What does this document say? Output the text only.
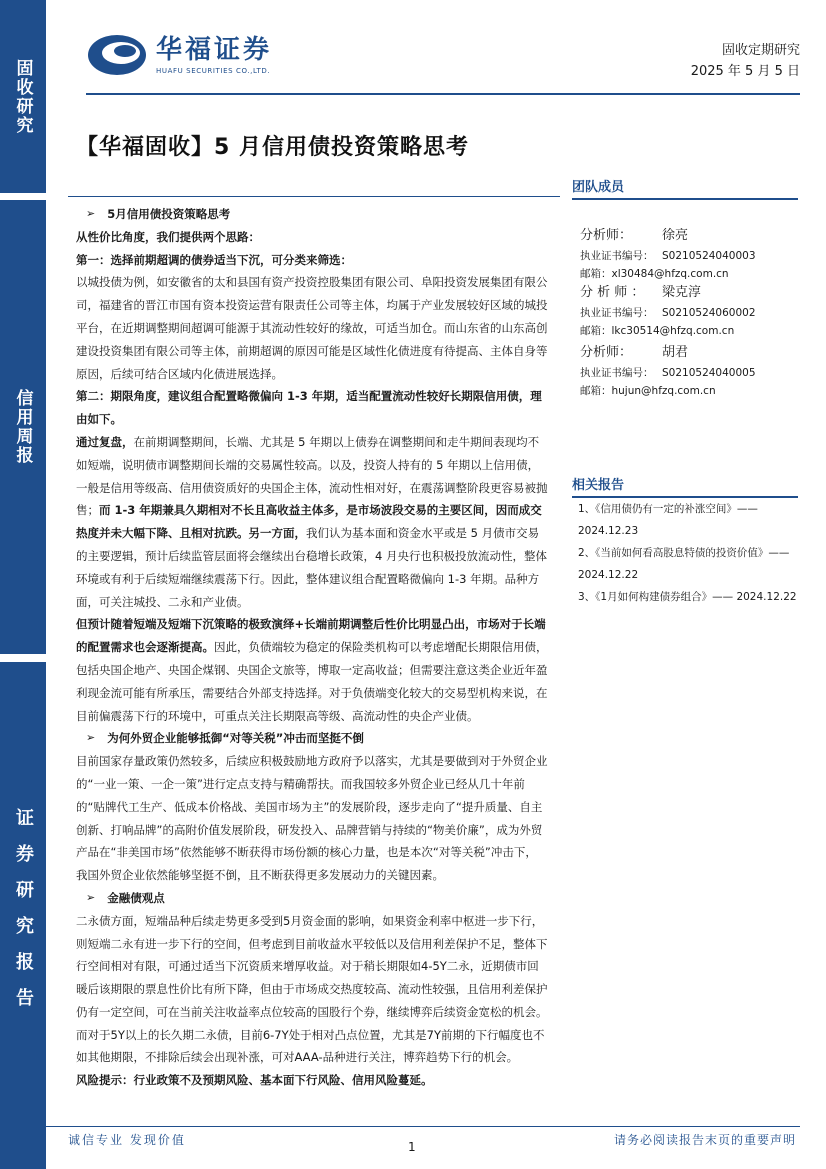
固收研究
信用周报
证券研究报告
华福证券
HUAFU SECURITIES CO.,LTD.
固收定期研究
2025 年 5 月 5 日
【华福固收】5 月信用债投资策略思考
➢ 5月信用债投资策略思考

从性价比角度，我们提供两个思路：

第一：选择前期超调的债券适当下沉，可分类来筛选：

以城投债为例，如安徽省的太和县国有资产投资控股集团有限公司、阜阳投资发展集团有限公司，福建省的晋江市国有资本投资运营有限责任公司等主体，均属于产业发展较好区域的城投平台，在近期调整期间超调可能源于其流动性较好的缘故，可适当加仓。而山东省的山东高创建设投资集团有限公司等主体，前期超调的原因可能是区域性化债进度有待提高、主体自身等原因，后续可结合区域内化债进展选择。

第二：期限角度，建议组合配置略微偏向 1-3 年期，适当配置流动性较好长期限信用债，理由如下。

通过复盘，在前期调整期间，长端、尤其是 5 年期以上债券在调整期间和走牛期间表现均不如短端，说明债市调整期间长端的交易属性较高。以及，投资人持有的 5 年期以上信用债，一般是信用等级高、信用债资质好的央国企主体，流动性相对好，在震荡调整阶段更容易被抛售；而 1-3 年期兼具久期相对不长且高收益主体多，是市场波段交易的主要区间，因而成交热度并未大幅下降、且相对抗跌。另一方面，我们认为基本面和资金水平或是 5 月债市交易的主要逻辑，预计后续监管层面将会继续出台稳增长政策，4 月央行也积极投放流动性，整体环境或有利于后续短端继续震荡下行。因此，整体建议组合配置略微偏向 1-3 年期。品种方面，可关注城投、二永和产业债。

但预计随着短端及短端下沉策略的极致演绎+长端前期调整后性价比明显凸出，市场对于长端的配置需求也会逐渐提高。因此，负债端较为稳定的保险类机构可以考虑增配长期限信用债，包括央国企地产、央国企煤钢、央国企文旅等，博取一定高收益；但需要注意这类企业近年盈利现金流可能有所承压，需要结合外部支持选择。对于负债端变化较大的交易型机构来说，在目前偏震荡下行的环境中，可重点关注长期限高等级、高流动性的央企产业债。

➢ 为何外贸企业能够抵御“对等关税”冲击而坚挺不倒

目前国家存量政策仍然较多，后续应积极鼓励地方政府予以落实，尤其是要做到对于外贸企业的“一业一策、一企一策”进行定点支持与精确帮扶。而我国较多外贸企业已经从几十年前的“贴牌代工生产、低成本价格战、美国市场为主”的发展阶段，逐步走向了“提升质量、自主创新、打响品牌”的高附价值发展阶段，研发投入、品牌营销与持续的“物美价廉”，成为外贸产品在“非美国市场”依然能够不断获得市场份额的核心力量，也是本次“对等关税”冲击下，我国外贸企业依然能够坚挺不倒，且不断获得更多发展动力的关键因素。

➢ 金融债观点

二永债方面，短端品种后续走势更多受到5月资金面的影响，如果资金利率中枢进一步下行，则短端二永有进一步下行的空间，但考虑到目前收益水平较低以及信用利差保护不足，整体下行空间相对有限，可通过适当下沉资质来增厚收益。对于稍长期限如4-5Y二永，近期债市回暖后该期限的票息性价比有所下降，但由于市场成交热度较高、流动性较强，且信用利差保护仍有一定空间，可在当前关注收益率点位较高的国股行个券，继续博弈后续资金宽松的机会。而对于5Y以上的长久期二永债，目前6-7Y处于相对凸点位置，尤其是7Y前期的下行幅度也不如其他期限，不排除后续会出现补涨，可对AAA-品种进行关注，博弈趋势下行的机会。

风险提示：行业政策不及预期风险、基本面下行风险、信用风险蔓延。

团队成员
分析师： 徐亮
执业证书编号： S0210524040003
邮箱：xl30484@hfzq.com.cn
分 析 师 ： 梁克淳
执业证书编号： S0210524060002
邮箱：lkc30514@hfzq.com.cn
分析师： 胡君
执业证书编号： S0210524040005
邮箱：hujun@hfzq.com.cn
相关报告
1、《信用债仍有一定的补涨空间》—— 2024.12.23
2、《当前如何看高股息特债的投资价值》——2024.12.22
3、《1月如何构建债券组合》—— 2024.12.22
诚信专业 发现价值	1	请务必阅读报告末页的重要声明
